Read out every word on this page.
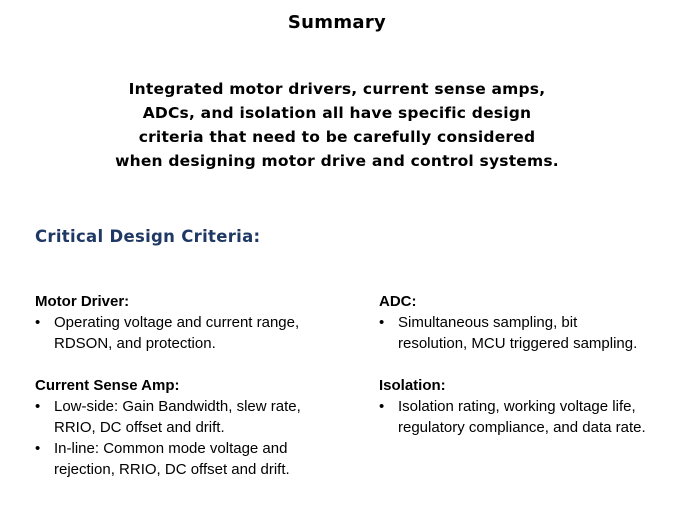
Summary
Integrated motor drivers, current sense amps,
ADCs, and isolation all have specific design
criteria that need to be carefully considered
when designing motor drive and control systems.
Critical Design Criteria:
Motor Driver:
• Operating voltage and current range,
RDSON, and protection.
Current Sense Amp:
• Low-side: Gain Bandwidth, slew rate,
RRIO, DC offset and drift.
• In-line: Common mode voltage and
rejection, RRIO, DC offset and drift.
ADC:
• Simultaneous sampling, bit
resolution, MCU triggered sampling.
Isolation:
• Isolation rating, working voltage life,
regulatory compliance, and data rate.
